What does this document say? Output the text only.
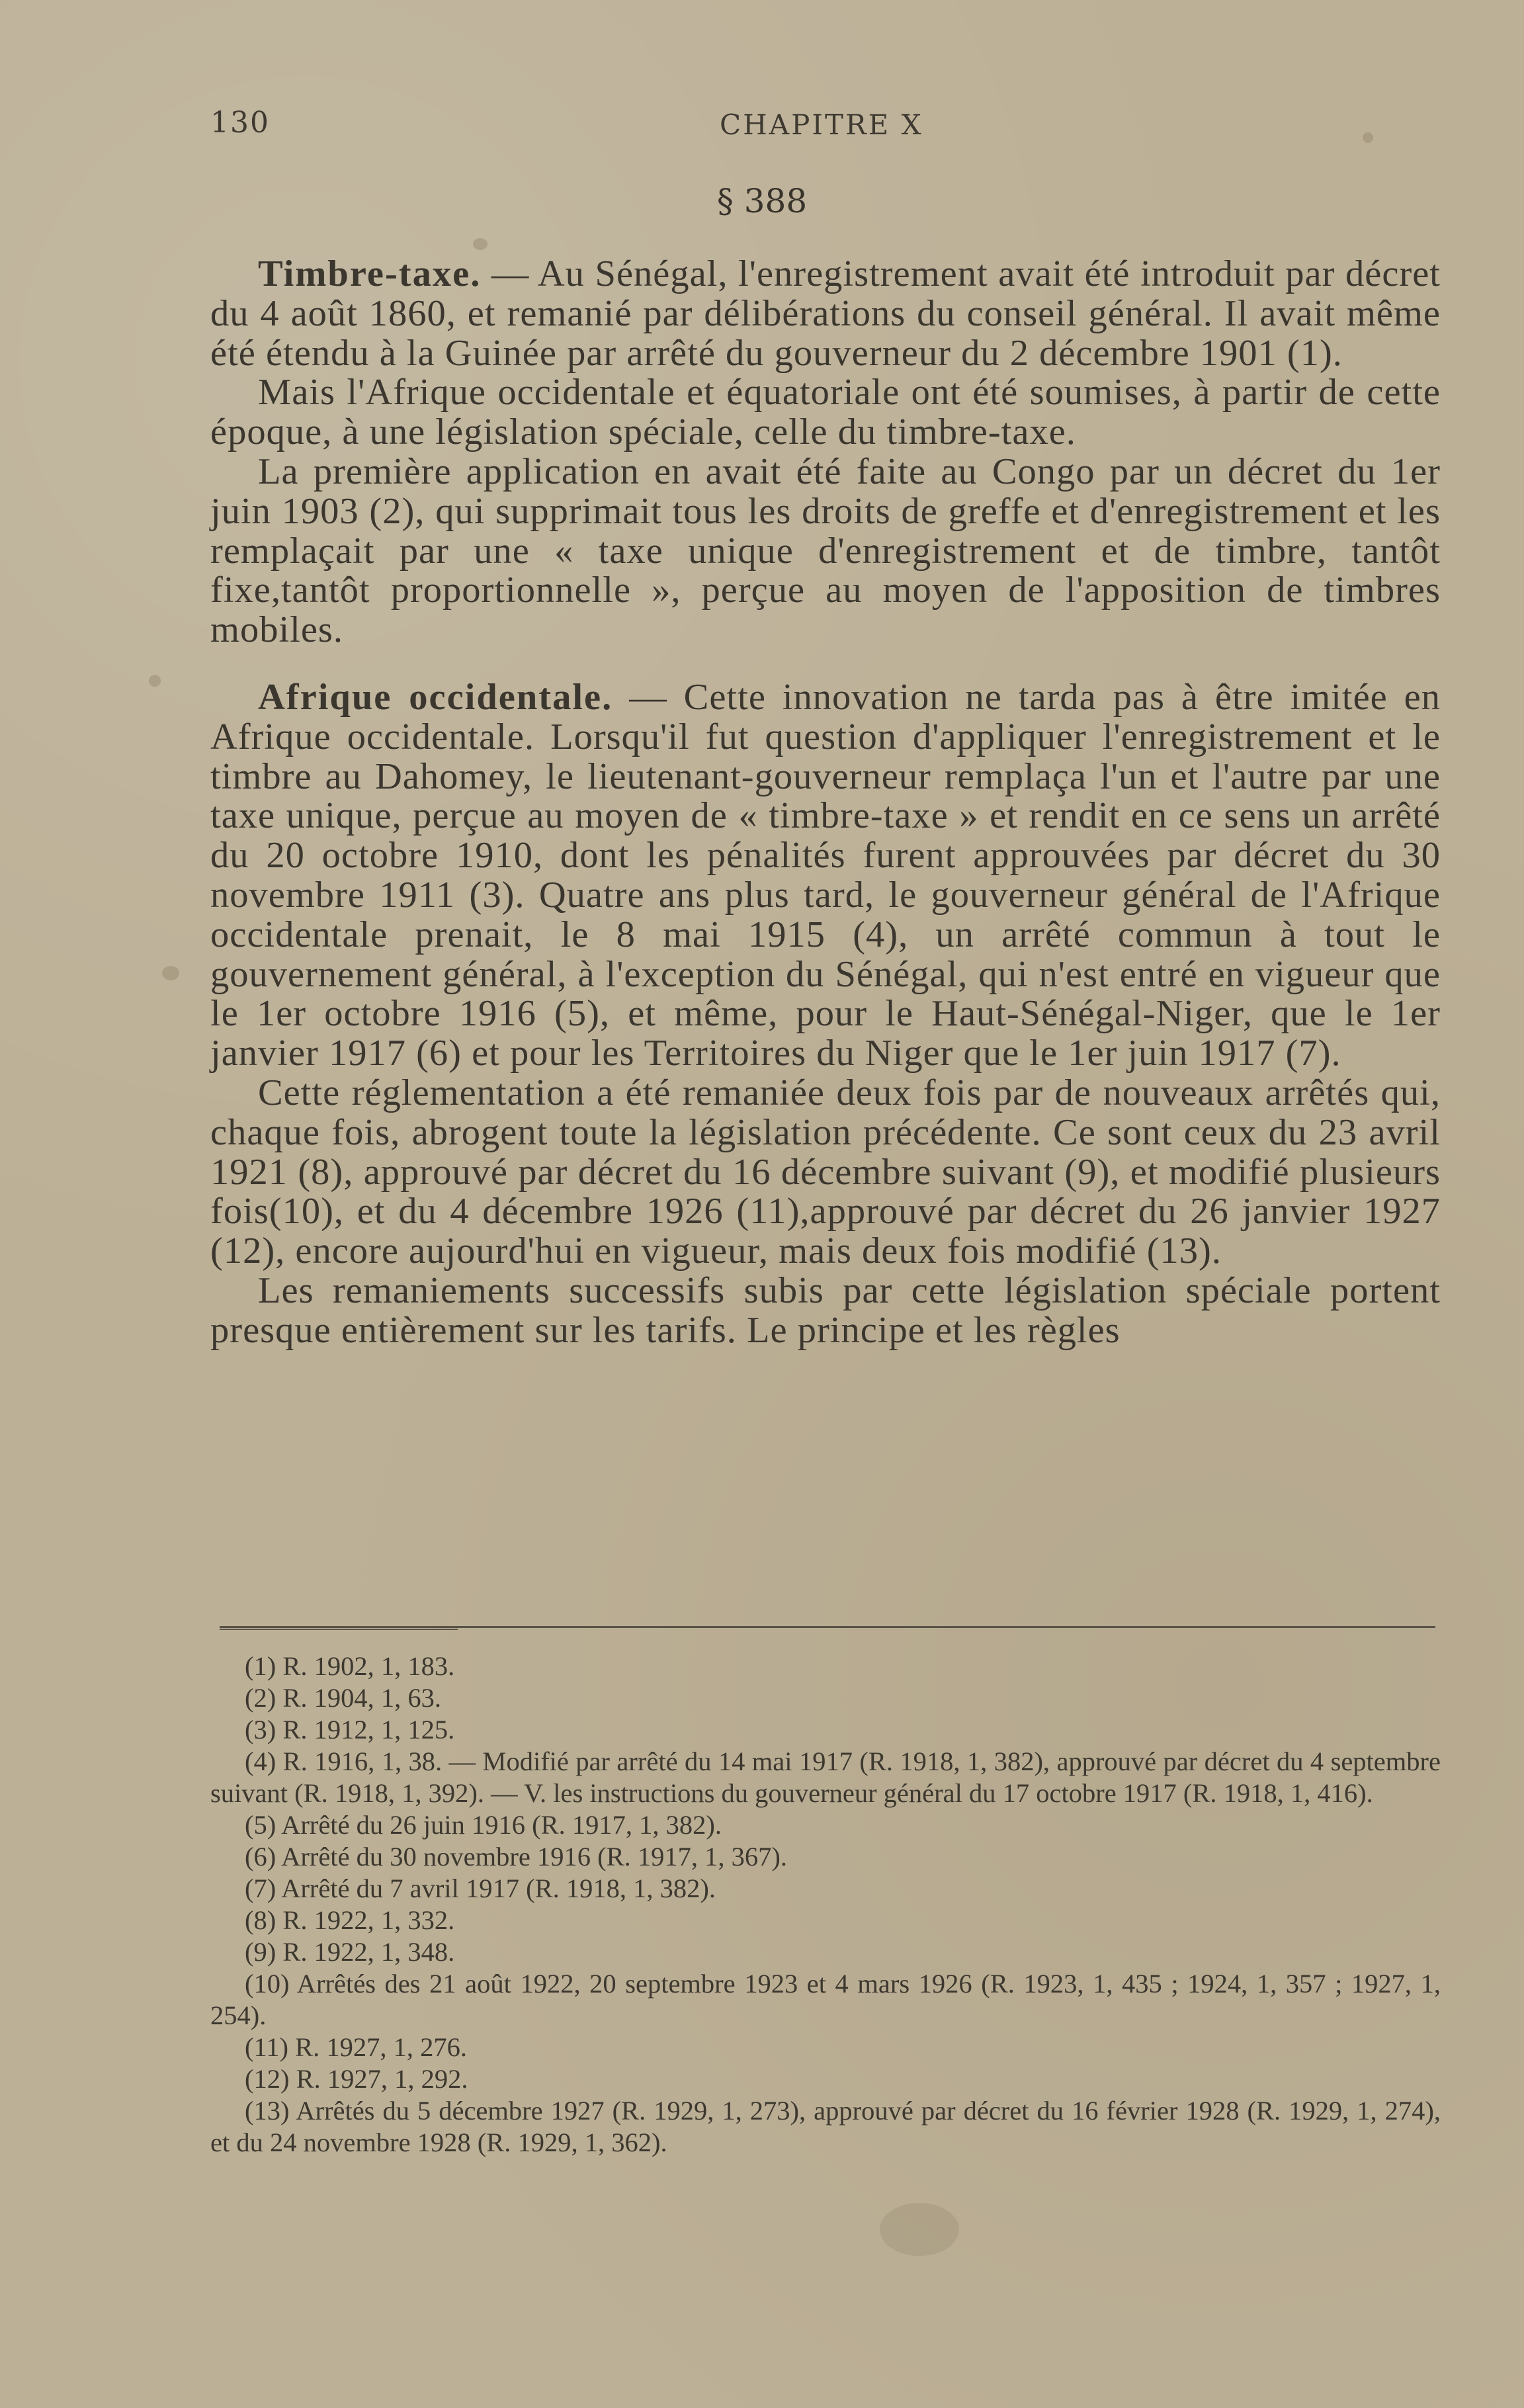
130	CHAPITRE X
§ 388

Timbre-taxe. — Au Sénégal, l'enregistrement avait été introduit par décret du 4 août 1860, et remanié par délibérations du conseil général. Il avait même été étendu à la Guinée par arrêté du gouverneur du 2 décembre 1901 (1).

Mais l'Afrique occidentale et équatoriale ont été soumises, à partir de cette époque, à une législation spéciale, celle du timbre-taxe.

La première application en avait été faite au Congo par un décret du 1er juin 1903 (2), qui supprimait tous les droits de greffe et d'enregistrement et les remplaçait par une « taxe unique d'enregistrement et de timbre, tantôt fixe,tantôt proportionnelle », perçue au moyen de l'apposition de timbres mobiles.

Afrique occidentale. — Cette innovation ne tarda pas à être imitée en Afrique occidentale. Lorsqu'il fut question d'appliquer l'enregistrement et le timbre au Dahomey, le lieutenant-gouverneur remplaça l'un et l'autre par une taxe unique, perçue au moyen de « timbre-taxe » et rendit en ce sens un arrêté du 20 octobre 1910, dont les pénalités furent approuvées par décret du 30 novembre 1911 (3). Quatre ans plus tard, le gouverneur général de l'Afrique occidentale prenait, le 8 mai 1915 (4), un arrêté commun à tout le gouvernement général, à l'exception du Sénégal, qui n'est entré en vigueur que le 1er octobre 1916 (5), et même, pour le Haut-Sénégal-Niger, que le 1er janvier 1917 (6) et pour les Territoires du Niger que le 1er juin 1917 (7).

Cette réglementation a été remaniée deux fois par de nouveaux arrêtés qui, chaque fois, abrogent toute la législation précédente. Ce sont ceux du 23 avril 1921 (8), approuvé par décret du 16 décembre suivant (9), et modifié plusieurs fois(10), et du 4 décembre 1926 (11),approuvé par décret du 26 janvier 1927 (12), encore aujourd'hui en vigueur, mais deux fois modifié (13).

Les remaniements successifs subis par cette législation spéciale portent presque entièrement sur les tarifs. Le principe et les règles

(1) R. 1902, 1, 183.
(2) R. 1904, 1, 63.
(3) R. 1912, 1, 125.
(4) R. 1916, 1, 38. — Modifié par arrêté du 14 mai 1917 (R. 1918, 1, 382), approuvé par décret du 4 septembre suivant (R. 1918, 1, 392). — V. les instructions du gouverneur général du 17 octobre 1917 (R. 1918, 1, 416).
(5) Arrêté du 26 juin 1916 (R. 1917, 1, 382).
(6) Arrêté du 30 novembre 1916 (R. 1917, 1, 367).
(7) Arrêté du 7 avril 1917 (R. 1918, 1, 382).
(8) R. 1922, 1, 332.
(9) R. 1922, 1, 348.
(10) Arrêtés des 21 août 1922, 20 septembre 1923 et 4 mars 1926 (R. 1923, 1, 435 ; 1924, 1, 357 ; 1927, 1, 254).
(11) R. 1927, 1, 276.
(12) R. 1927, 1, 292.
(13) Arrêtés du 5 décembre 1927 (R. 1929, 1, 273), approuvé par décret du 16 février 1928 (R. 1929, 1, 274), et du 24 novembre 1928 (R. 1929, 1, 362).
